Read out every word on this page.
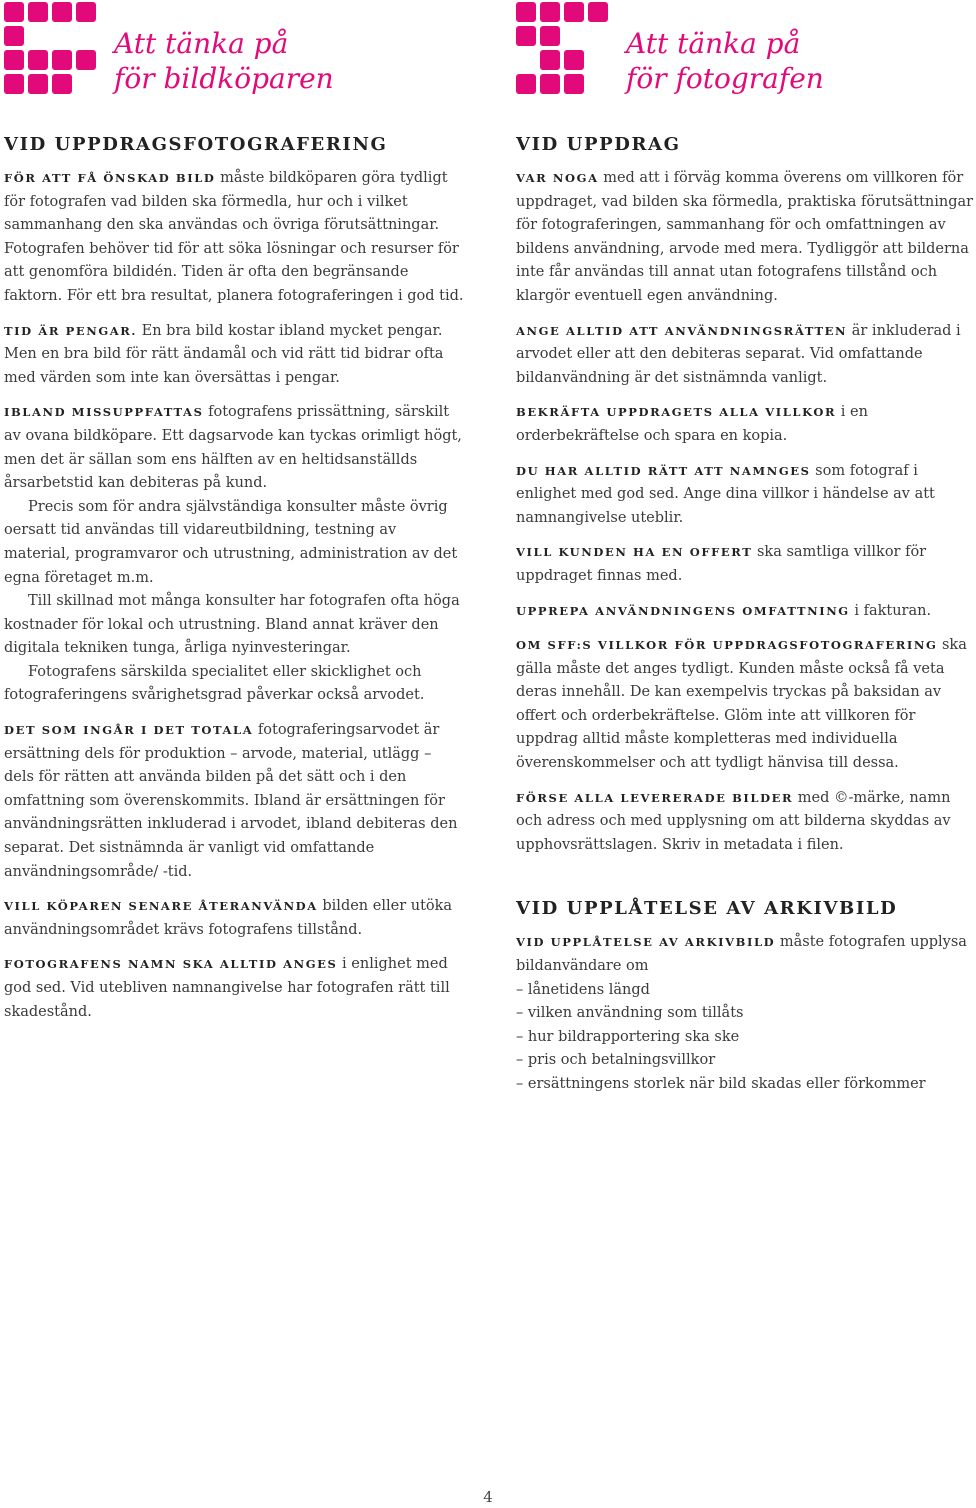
Att tänka på
för bildköparen
VID UPPDRAGSFOTOGRAFERING

FÖR ATT FÅ ÖNSKAD BILD måste bildköparen göra tydligt för fotografen vad bilden ska förmedla, hur och i vilket sammanhang den ska användas och övriga förutsättningar. Fotografen behöver tid för att söka lösningar och resurser för att genomföra bildidén. Tiden är ofta den begränsande faktorn. För ett bra resultat, planera fotograferingen i god tid.

TID ÄR PENGAR. En bra bild kostar ibland mycket pengar. Men en bra bild för rätt ändamål och vid rätt tid bidrar ofta med värden som inte kan översättas i pengar.

IBLAND MISSUPPFATTAS fotografens prissättning, särskilt av ovana bildköpare. Ett dagsarvode kan tyckas orimligt högt, men det är sällan som ens hälften av en heltidsanställds årsarbetstid kan debiteras på kund.

Precis som för andra självständiga konsulter måste övrig oersatt tid användas till vidareutbildning, testning av material, programvaror och utrustning, administration av det egna företaget m.m.

Till skillnad mot många konsulter har fotografen ofta höga kostnader för lokal och utrustning. Bland annat kräver den digitala tekniken tunga, årliga nyinvesteringar.

Fotografens särskilda specialitet eller skicklighet och fotograferingens svårighetsgrad påverkar också arvodet.

DET SOM INGÅR I DET TOTALA fotograferingsarvodet är ersättning dels för produktion – arvode, material, utlägg – dels för rätten att använda bilden på det sätt och i den omfattning som överenskommits. Ibland är ersättningen för användningsrätten inkluderad i arvodet, ibland debiteras den separat. Det sistnämnda är vanligt vid omfattande användningsområde/ -tid.

VILL KÖPAREN SENARE ÅTERANVÄNDA bilden eller utöka användningsområdet krävs fotografens tillstånd.

FOTOGRAFENS NAMN SKA ALLTID ANGES i enlighet med god sed. Vid utebliven namnangivelse har fotografen rätt till skadestånd.

Att tänka på
för fotografen
VID UPPDRAG

VAR NOGA med att i förväg komma överens om villkoren för uppdraget, vad bilden ska förmedla, praktiska förutsättningar för fotograferingen, sammanhang för och omfattningen av bildens användning, arvode med mera. Tydliggör att bilderna inte får användas till annat utan fotografens tillstånd och klargör eventuell egen användning.

ANGE ALLTID ATT ANVÄNDNINGSRÄTTEN är inkluderad i arvodet eller att den debiteras separat. Vid omfattande bildanvändning är det sistnämnda vanligt.

BEKRÄFTA UPPDRAGETS ALLA VILLKOR i en orderbekräftelse och spara en kopia.

DU HAR ALLTID RÄTT ATT NAMNGES som fotograf i enlighet med god sed. Ange dina villkor i händelse av att namnangivelse uteblir.

VILL KUNDEN HA EN OFFERT ska samtliga villkor för uppdraget finnas med.

UPPREPA ANVÄNDNINGENS OMFATTNING i fakturan.

OM SFF:S VILLKOR FÖR UPPDRAGSFOTOGRAFERING ska gälla måste det anges tydligt. Kunden måste också få veta deras innehåll. De kan exempelvis tryckas på baksidan av offert och orderbekräftelse. Glöm inte att villkoren för uppdrag alltid måste kompletteras med individuella överenskommelser och att tydligt hänvisa till dessa.

FÖRSE ALLA LEVERERADE BILDER med ©-märke, namn och adress och med upplysning om att bilderna skyddas av upphovsrättslagen. Skriv in metadata i filen.

VID UPPLÅTELSE AV ARKIVBILD

VID UPPLÅTELSE AV ARKIVBILD måste fotografen upplysa bildanvändare om

– lånetidens längd
– vilken användning som tillåts
– hur bildrapportering ska ske
– pris och betalningsvillkor
– ersättningens storlek när bild skadas eller förkommer
4
